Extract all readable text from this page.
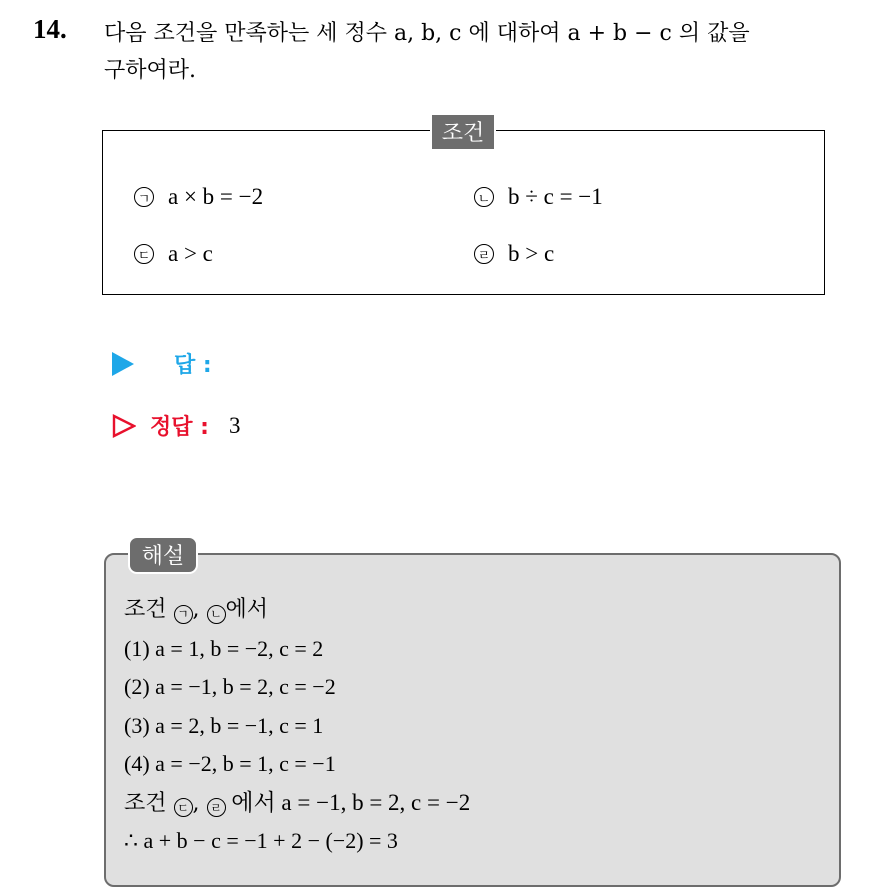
14. 다음 조건을 만족하는 세 정수 a, b, c 에 대하여 a + b − c 의 값을
구하여라.
조건
ㄱ a × b = −2	ㄴ b ÷ c = −1
ㄷ a > c	ㄹ b > c
답 :
정답 : 3
해설
조건 ㄱ , ㄴ 에서
(1) a = 1, b = −2, c = 2
(2) a = −1, b = 2, c = −2
(3) a = 2, b = −1, c = 1
(4) a = −2, b = 1, c = −1
조건 ㄷ , ㄹ 에서 a = −1, b = 2, c = −2
∴ a + b − c = −1 + 2 − (−2) = 3
